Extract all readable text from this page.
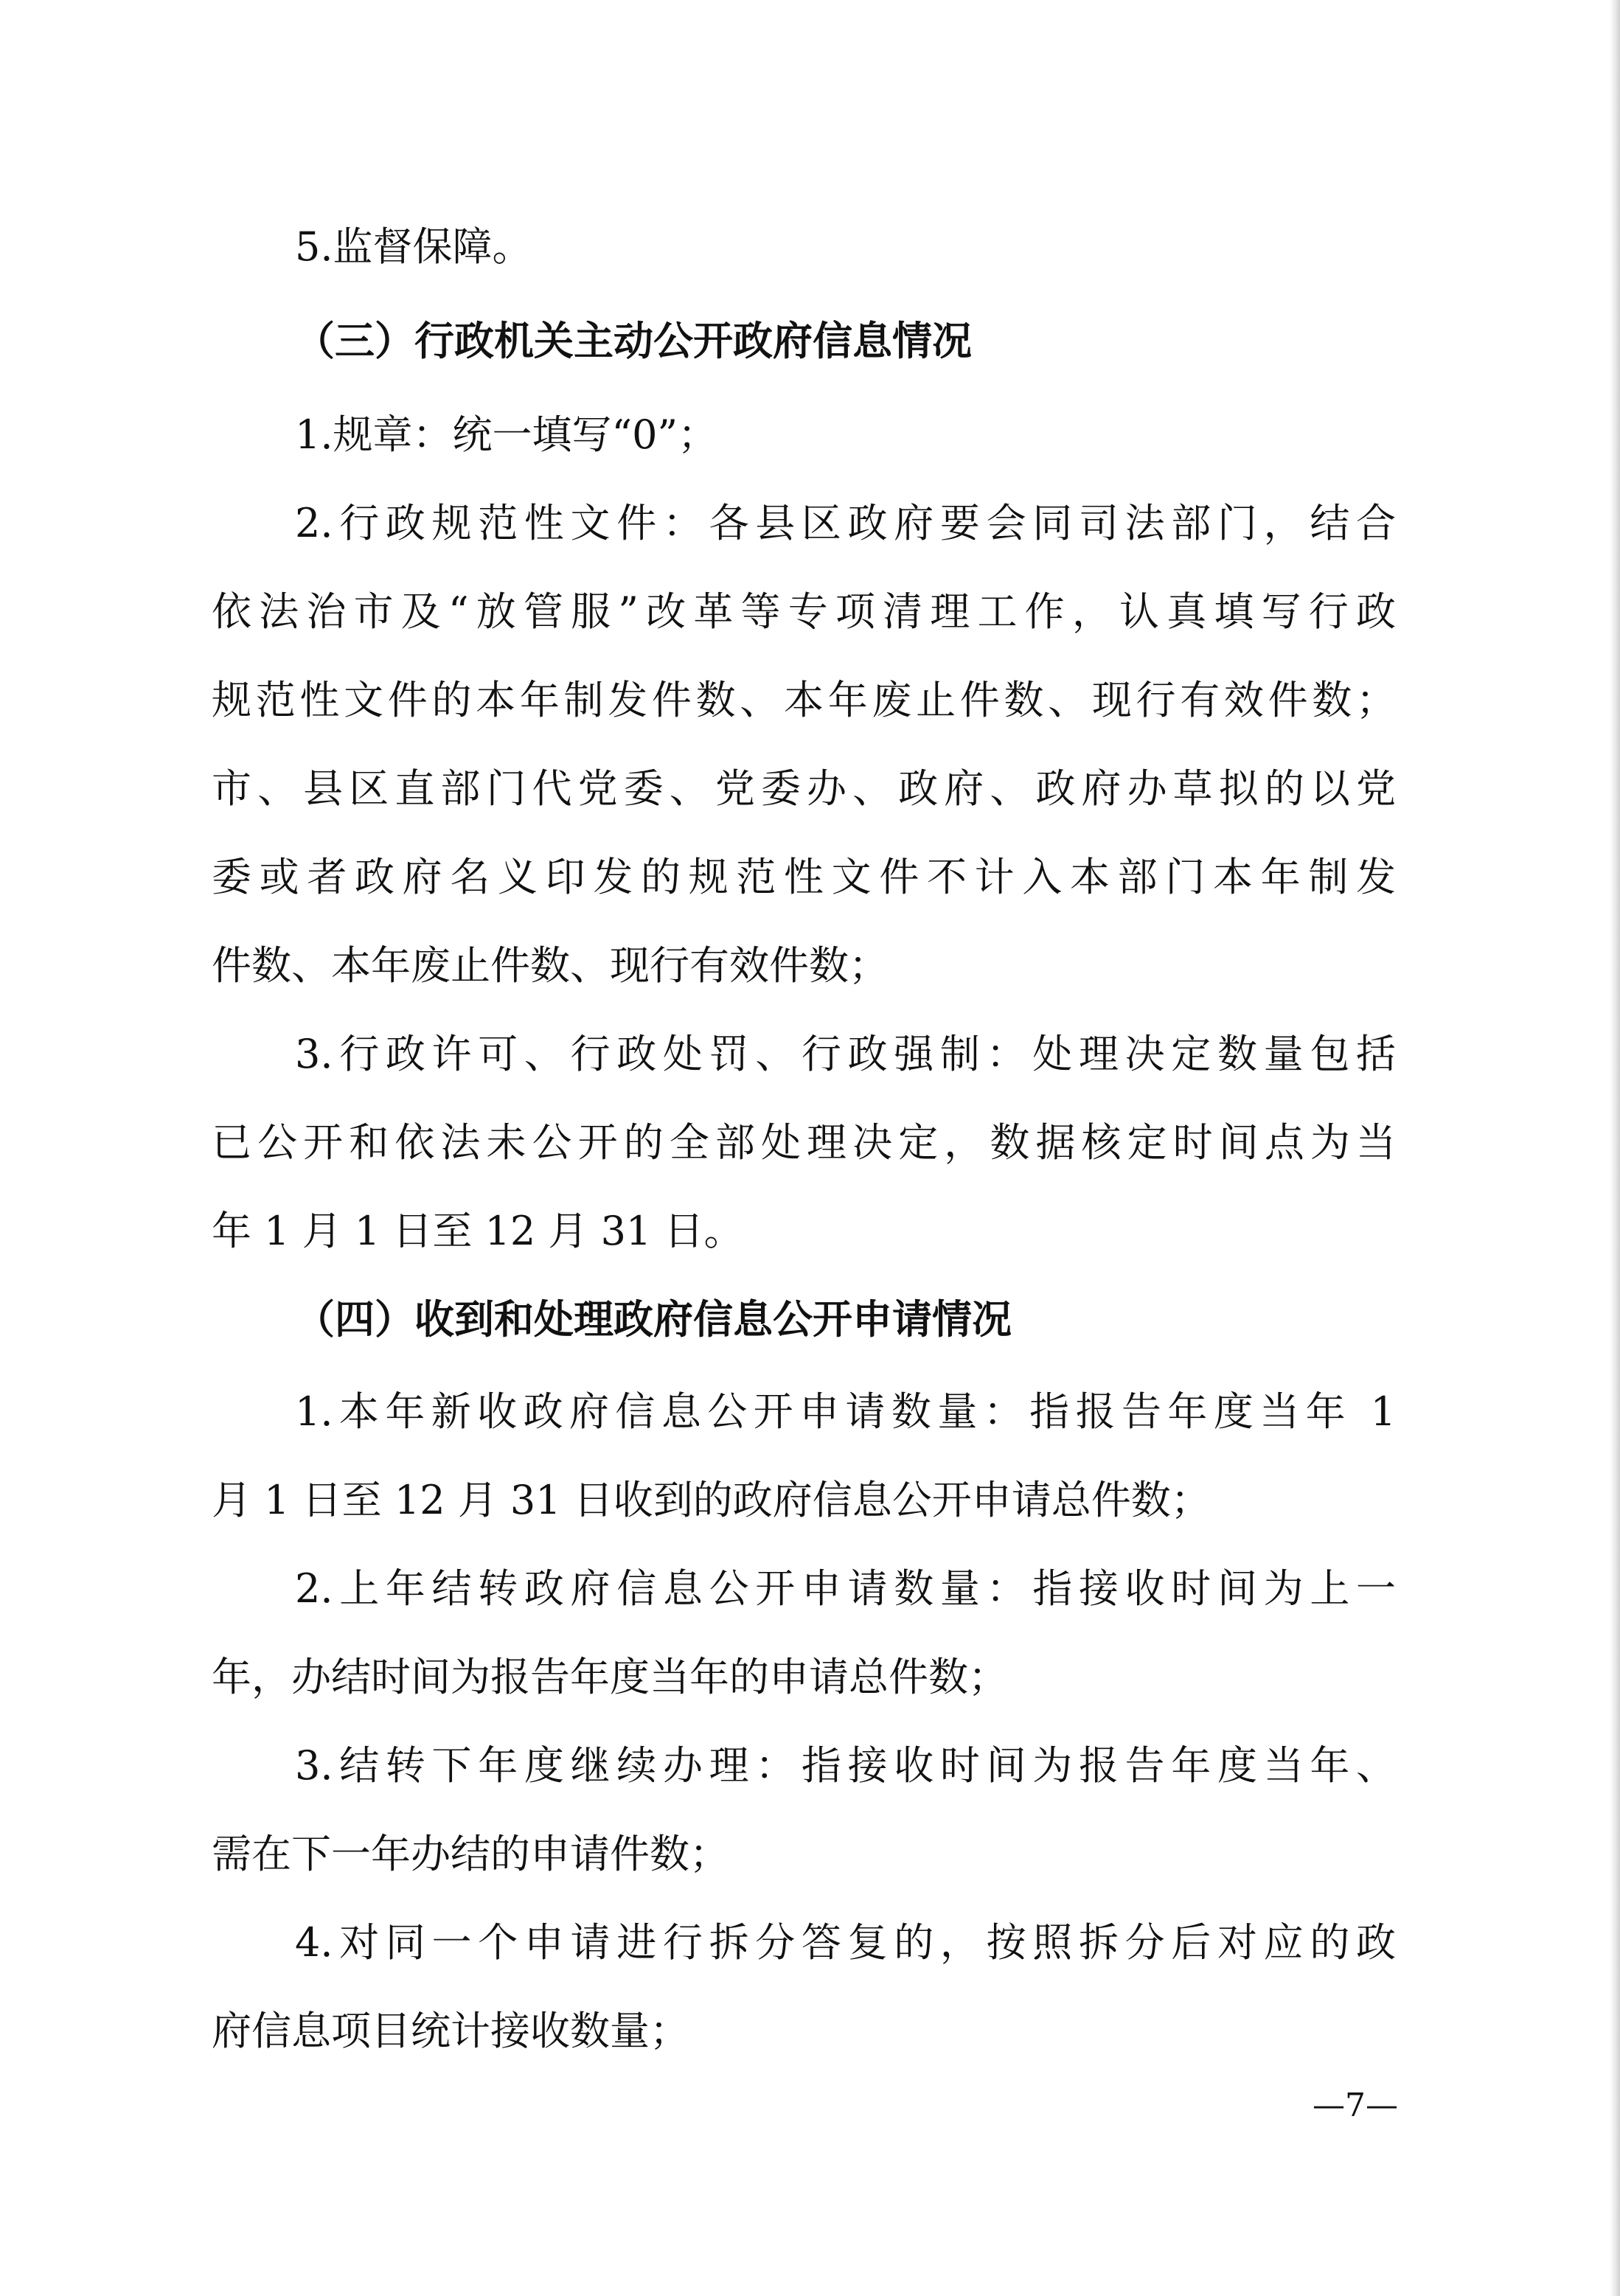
5.监督保障。
（三）行政机关主动公开政府信息情况
1.规章：统一填写“0”；
2.行政规范性文件：各县区政府要会同司法部门，结合
依法治市及“放管服”改革等专项清理工作，认真填写行政
规范性文件的本年制发件数、本年废止件数、现行有效件数；
市、县区直部门代党委、党委办、政府、政府办草拟的以党
委或者政府名义印发的规范性文件不计入本部门本年制发
件数、本年废止件数、现行有效件数；
3.行政许可、行政处罚、行政强制：处理决定数量包括
已公开和依法未公开的全部处理决定，数据核定时间点为当
年 1 月 1 日至 12 月 31 日。
（四）收到和处理政府信息公开申请情况
1.本年新收政府信息公开申请数量：指报告年度当年 1
月 1 日至 12 月 31 日收到的政府信息公开申请总件数；
2.上年结转政府信息公开申请数量：指接收时间为上一
年，办结时间为报告年度当年的申请总件数；
3.结转下年度继续办理：指接收时间为报告年度当年、
需在下一年办结的申请件数；
4.对同一个申请进行拆分答复的，按照拆分后对应的政
府信息项目统计接收数量；
—7—
